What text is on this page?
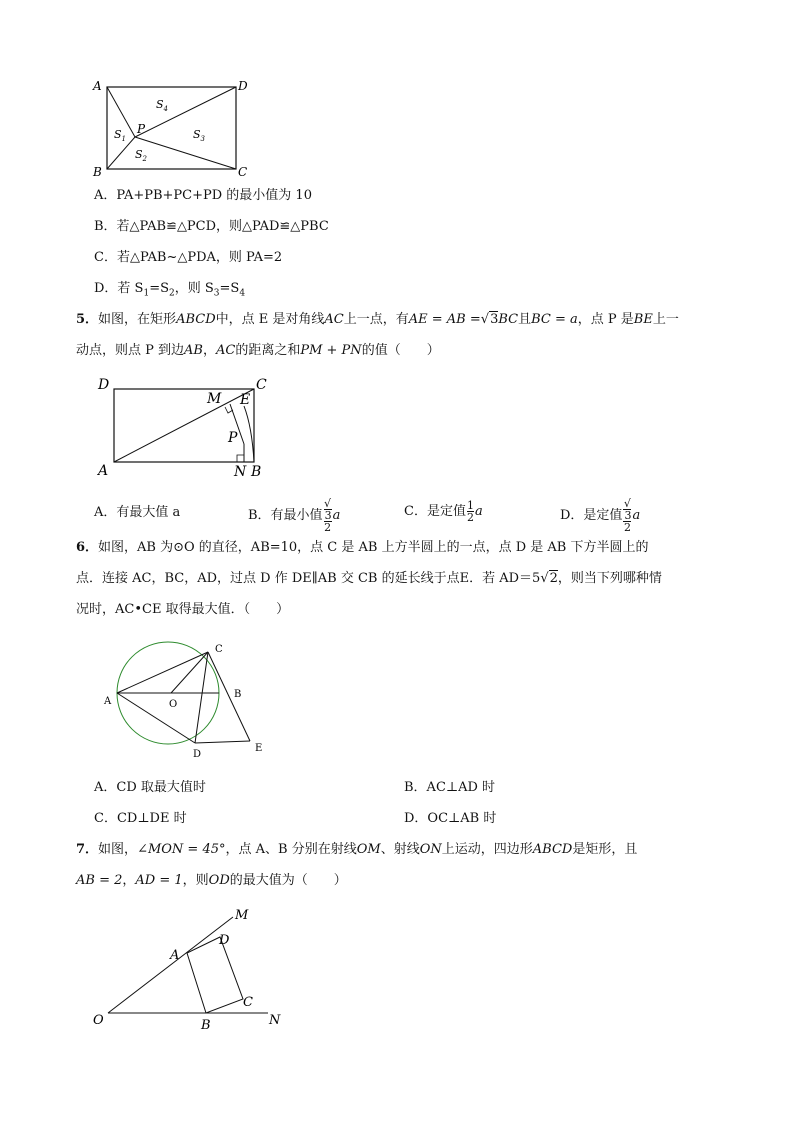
A	D
B	C
P
$S_4$
$S_1$	$S_3$
$S_2$
A．PA+PB+PC+PD 的最小值为 10
B．若△PAB≌△PCD，则△PAD≌△PBC
C．若△PAB~△PDA，则 PA=2
D．若 $S_1=S_2$，则 $S_3=S_4$
5．如图，在矩形ABCD中，点 E 是对角线AC上一点，有AE = AB =√3BC且BC = a，点 P 是BE上一
动点，则点 P 到边AB，AC的距离之和PM + PN的值（　　）
D	C
M E
P
A	N B
A．有最大值 a	B．有最小值 √
3
2 a	C．是定值 $\frac{1}{2}$ a	D．是定值 √
3
2 a
6．如图，AB 为⊙O 的直径，AB=10，点 C 是 AB 上方半圆上的一点，点 D 是 AB 下方半圆上的
点．连接 AC，BC，AD，过点 D 作 DE∥AB 交 CB 的延长线于点E．若 AD＝5√2，则当下列哪种情
况时，AC•CE 取得最大值．（　　）
A	O
B
C
D
E
A．CD 取最大值时	B．AC⊥AD 时
C．CD⊥DE 时	D．OC⊥AB 时
7．如图，∠MON = 45°，点 A、B 分别在射线OM、射线ON上运动，四边形ABCD是矩形，且
AB = 2，AD = 1，则OD的最大值为（　　）
M
D
A
C
O	B	N
